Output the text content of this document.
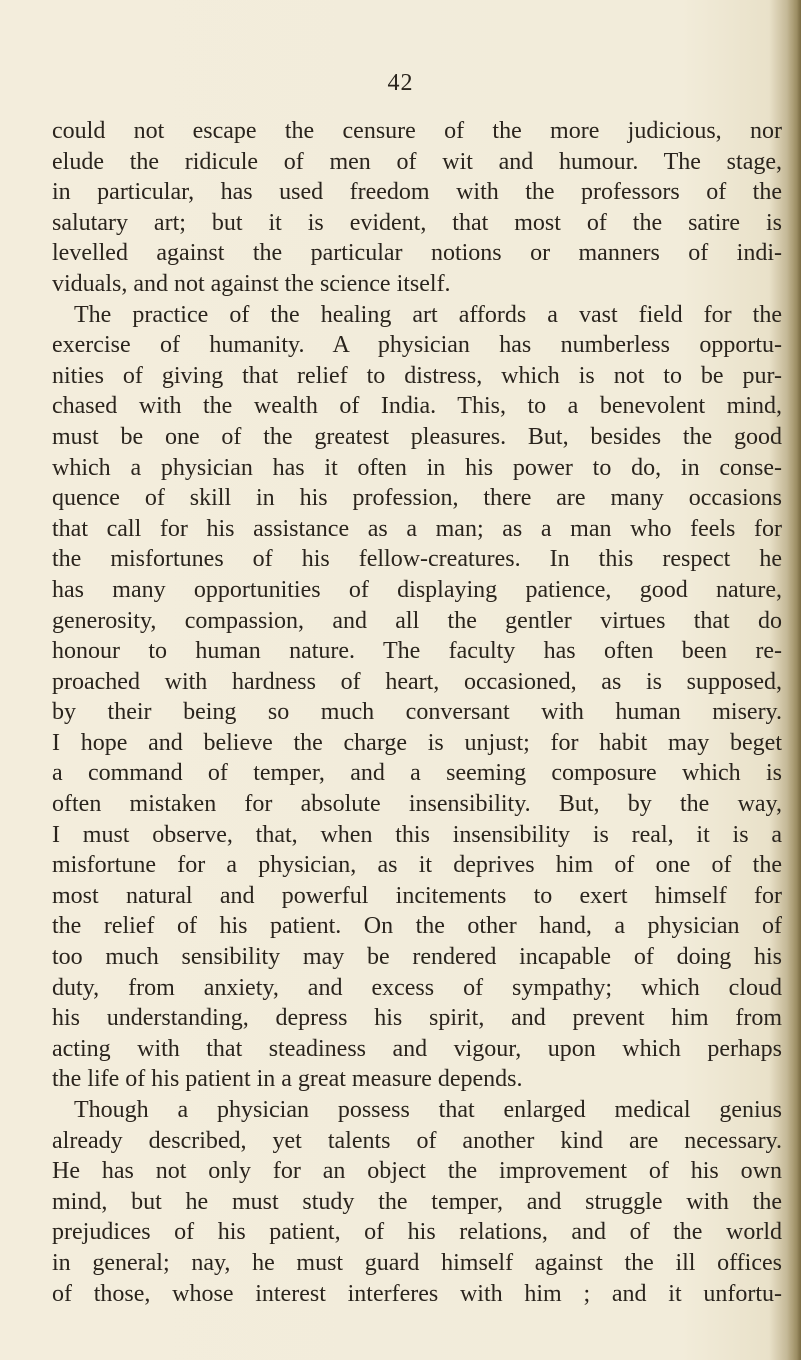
42
could not escape the censure of the more judicious, nor
elude the ridicule of men of wit and humour. The stage,
in particular, has used freedom with the professors of the
salutary art; but it is evident, that most of the satire is
levelled against the particular notions or manners of indi-
viduals, and not against the science itself.
The practice of the healing art affords a vast field for the
exercise of humanity. A physician has numberless opportu-
nities of giving that relief to distress, which is not to be pur-
chased with the wealth of India. This, to a benevolent mind,
must be one of the greatest pleasures. But, besides the good
which a physician has it often in his power to do, in conse-
quence of skill in his profession, there are many occasions
that call for his assistance as a man; as a man who feels for
the misfortunes of his fellow-creatures. In this respect he
has many opportunities of displaying patience, good nature,
generosity, compassion, and all the gentler virtues that do
honour to human nature. The faculty has often been re-
proached with hardness of heart, occasioned, as is supposed,
by their being so much conversant with human misery.
I hope and believe the charge is unjust; for habit may beget
a command of temper, and a seeming composure which is
often mistaken for absolute insensibility. But, by the way,
I must observe, that, when this insensibility is real, it is a
misfortune for a physician, as it deprives him of one of the
most natural and powerful incitements to exert himself for
the relief of his patient. On the other hand, a physician of
too much sensibility may be rendered incapable of doing his
duty, from anxiety, and excess of sympathy; which cloud
his understanding, depress his spirit, and prevent him from
acting with that steadiness and vigour, upon which perhaps
the life of his patient in a great measure depends.
Though a physician possess that enlarged medical genius
already described, yet talents of another kind are necessary.
He has not only for an object the improvement of his own
mind, but he must study the temper, and struggle with the
prejudices of his patient, of his relations, and of the world
in general; nay, he must guard himself against the ill offices
of those, whose interest interferes with him ; and it unfortu-
